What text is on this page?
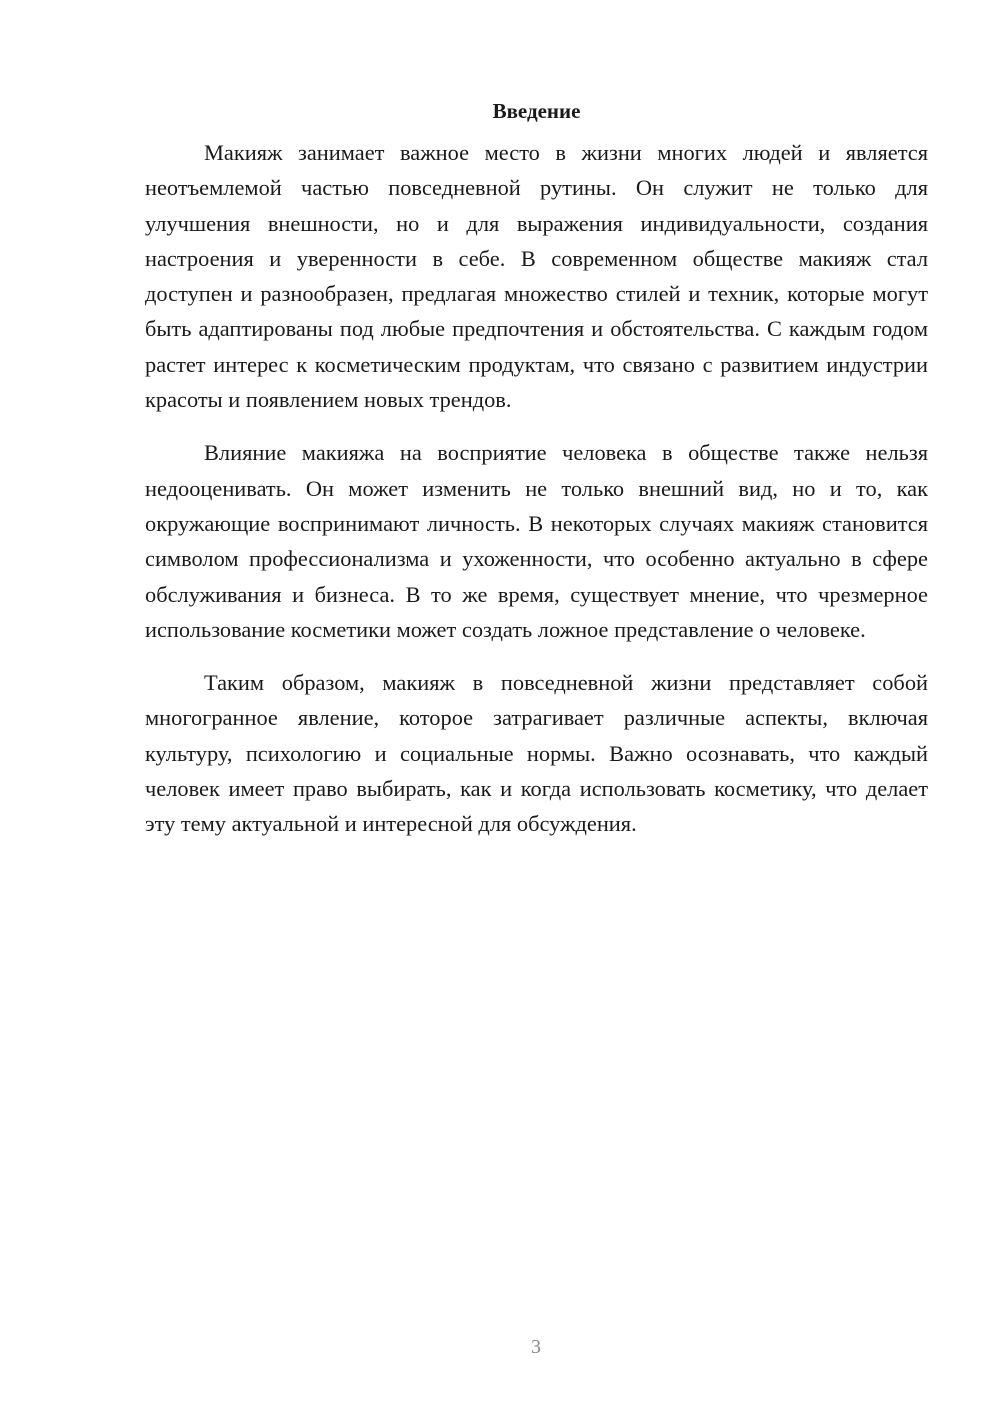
Введение

Макияж занимает важное место в жизни многих людей и является неотъемлемой частью повседневной рутины. Он служит не только для улучшения внешности, но и для выражения индивидуальности, создания настроения и уверенности в себе. В современном обществе макияж стал доступен и разнообразен, предлагая множество стилей и техник, которые могут быть адаптированы под любые предпочтения и обстоятельства. С каждым годом растет интерес к косметическим продуктам, что связано с развитием индустрии красоты и появлением новых трендов.

Влияние макияжа на восприятие человека в обществе также нельзя недооценивать. Он может изменить не только внешний вид, но и то, как окружающие воспринимают личность. В некоторых случаях макияж становится символом профессионализма и ухоженности, что особенно актуально в сфере обслуживания и бизнеса. В то же время, существует мнение, что чрезмерное использование косметики может создать ложное представление о человеке.

Таким образом, макияж в повседневной жизни представляет собой многогранное явление, которое затрагивает различные аспекты, включая культуру, психологию и социальные нормы. Важно осознавать, что каждый человек имеет право выбирать, как и когда использовать косметику, что делает эту тему актуальной и интересной для обсуждения.

3
